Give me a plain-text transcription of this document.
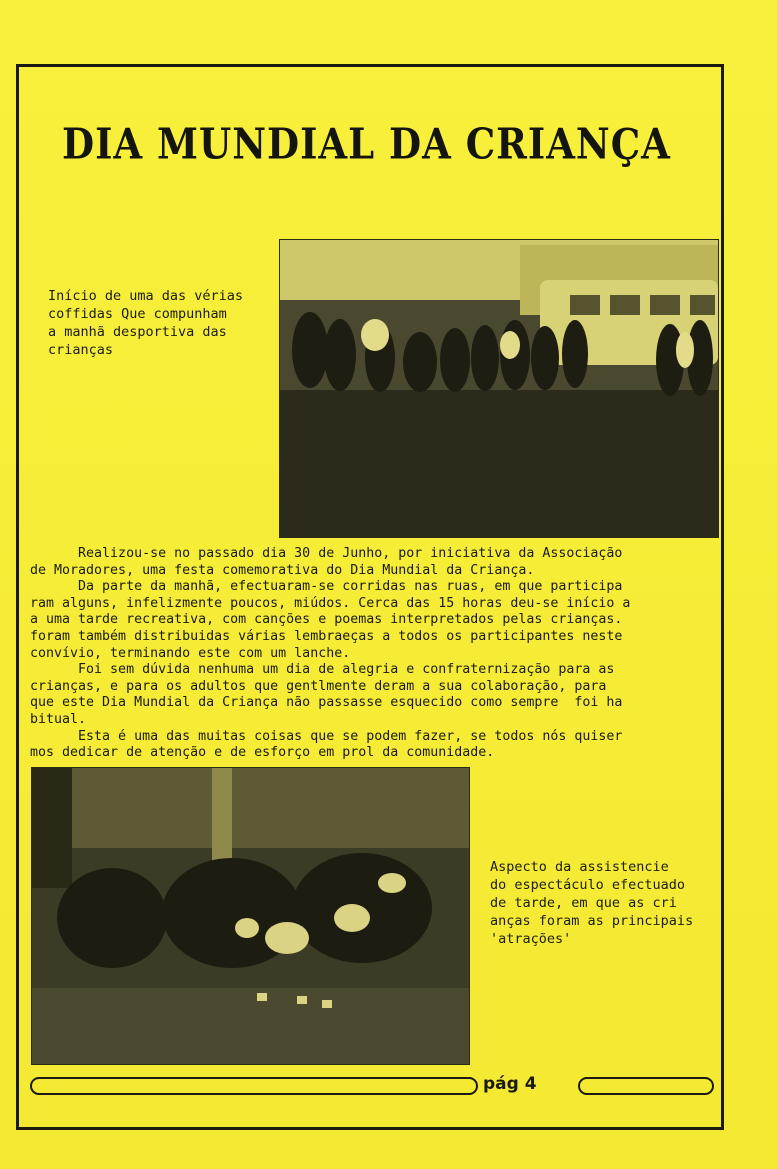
DIA MUNDIAL DA CRIANÇA
Início de uma das vérias
coffidas Que compunham
a manhã desportiva das
crianças

Realizou-se no passado dia 30 de Junho, por iniciativa da Associação

de Moradores, uma festa comemorativa do Dia Mundial da Criança.

Da parte da manhã, efectuaram-se corridas nas ruas, em que participa

ram alguns, infelizmente poucos, miúdos. Cerca das 15 horas deu-se início a

a uma tarde recreativa, com canções e poemas interpretados pelas crianças.

foram também distribuidas várias lembraeças a todos os participantes neste

convívio, terminando este com um lanche.

Foi sem dúvida nenhuma um dia de alegria e confraternização para as

crianças, e para os adultos que gentlmente deram a sua colaboração, para

que este Dia Mundial da Criança não passasse esquecido como sempre  foi ha

bitual.

Esta é uma das muitas coisas que se podem fazer, se todos nós quiser

mos dedicar de atenção e de esforço em prol da comunidade.

Aspecto da assistencie
do espectáculo efectuado
de tarde, em que as cri
anças foram as principais
'atrações'
pág 4
